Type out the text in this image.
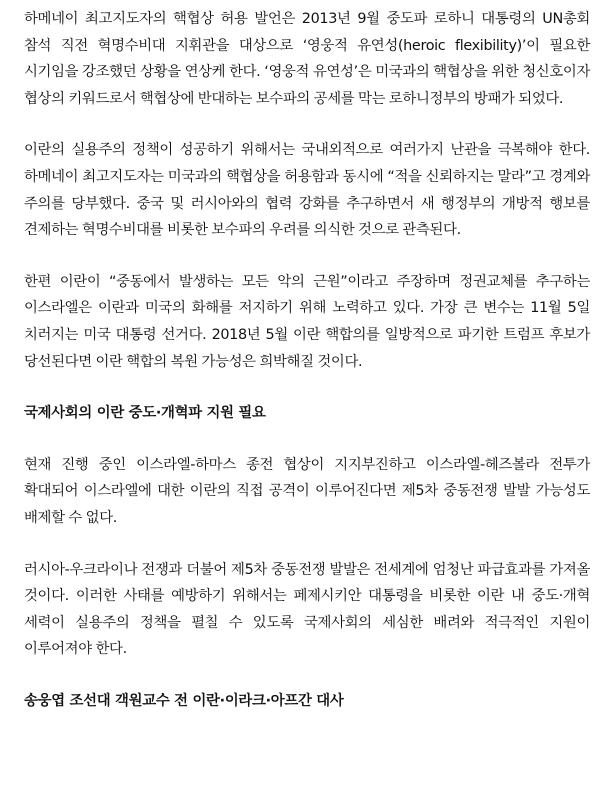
하메네이 최고지도자의 핵협상 허용 발언은 2013년 9월 중도파 로하니 대통령의 UN총회 참석 직전 혁명수비대 지휘관을 대상으로 ‘영웅적 유연성(heroic flexibility)’이 필요한 시기임을 강조했던 상황을 연상케 한다. ‘영웅적 유연성’은 미국과의 핵협상을 위한 청신호이자 협상의 키워드로서 핵협상에 반대하는 보수파의 공세를 막는 로하니정부의 방패가 되었다.

이란의 실용주의 정책이 성공하기 위해서는 국내외적으로 여러가지 난관을 극복해야 한다. 하메네이 최고지도자는 미국과의 핵협상을 허용함과 동시에 “적을 신뢰하지는 말라”고 경계와 주의를 당부했다. 중국 및 러시아와의 협력 강화를 추구하면서 새 행정부의 개방적 행보를 견제하는 혁명수비대를 비롯한 보수파의 우려를 의식한 것으로 관측된다.

한편 이란이 “중동에서 발생하는 모든 악의 근원”이라고 주장하며 정권교체를 추구하는 이스라엘은 이란과 미국의 화해를 저지하기 위해 노력하고 있다. 가장 큰 변수는 11월 5일 치러지는 미국 대통령 선거다. 2018년 5월 이란 핵합의를 일방적으로 파기한 트럼프 후보가 당선된다면 이란 핵합의 복원 가능성은 희박해질 것이다.

국제사회의 이란 중도·개혁파 지원 필요

현재 진행 중인 이스라엘-하마스 종전 협상이 지지부진하고 이스라엘-헤즈볼라 전투가 확대되어 이스라엘에 대한 이란의 직접 공격이 이루어진다면 제5차 중동전쟁 발발 가능성도 배제할 수 없다.

러시아-우크라이나 전쟁과 더불어 제5차 중동전쟁 발발은 전세계에 엄청난 파급효과를 가져올 것이다. 이러한 사태를 예방하기 위해서는 페제시키안 대통령을 비롯한 이란 내 중도·개혁 세력이 실용주의 정책을 펼칠 수 있도록 국제사회의 세심한 배려와 적극적인 지원이 이루어져야 한다.

송웅엽 조선대 객원교수 전 이란·이라크·아프간 대사
